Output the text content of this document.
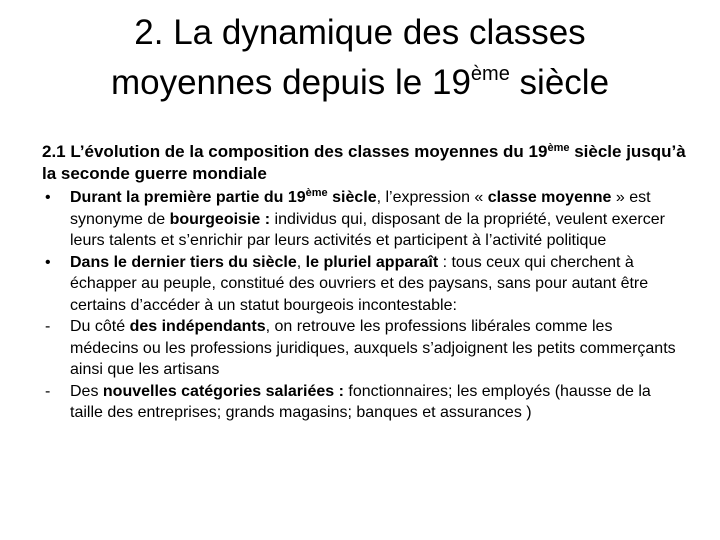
2. La dynamique des classes
moyennes depuis le 19ème siècle
2.1 L’évolution de la composition des classes moyennes du 19ème siècle jusqu’à la seconde guerre mondiale
•	Durant la première partie du 19ème siècle, l’expression « classe moyenne » est synonyme de bourgeoisie : individus qui, disposant de la propriété, veulent exercer leurs talents et s’enrichir par leurs activités et participent à l’activité politique
•	Dans le dernier tiers du siècle, le pluriel apparaît : tous ceux qui cherchent à échapper au peuple, constitué des ouvriers et des paysans, sans pour autant être certains d’accéder à un statut bourgeois incontestable:
-	Du côté des indépendants, on retrouve les professions libérales comme les médecins ou les professions juridiques, auxquels s’adjoignent les petits commerçants ainsi que les artisans
-	Des nouvelles catégories salariées : fonctionnaires; les employés (hausse de la taille des entreprises; grands magasins; banques et assurances )
